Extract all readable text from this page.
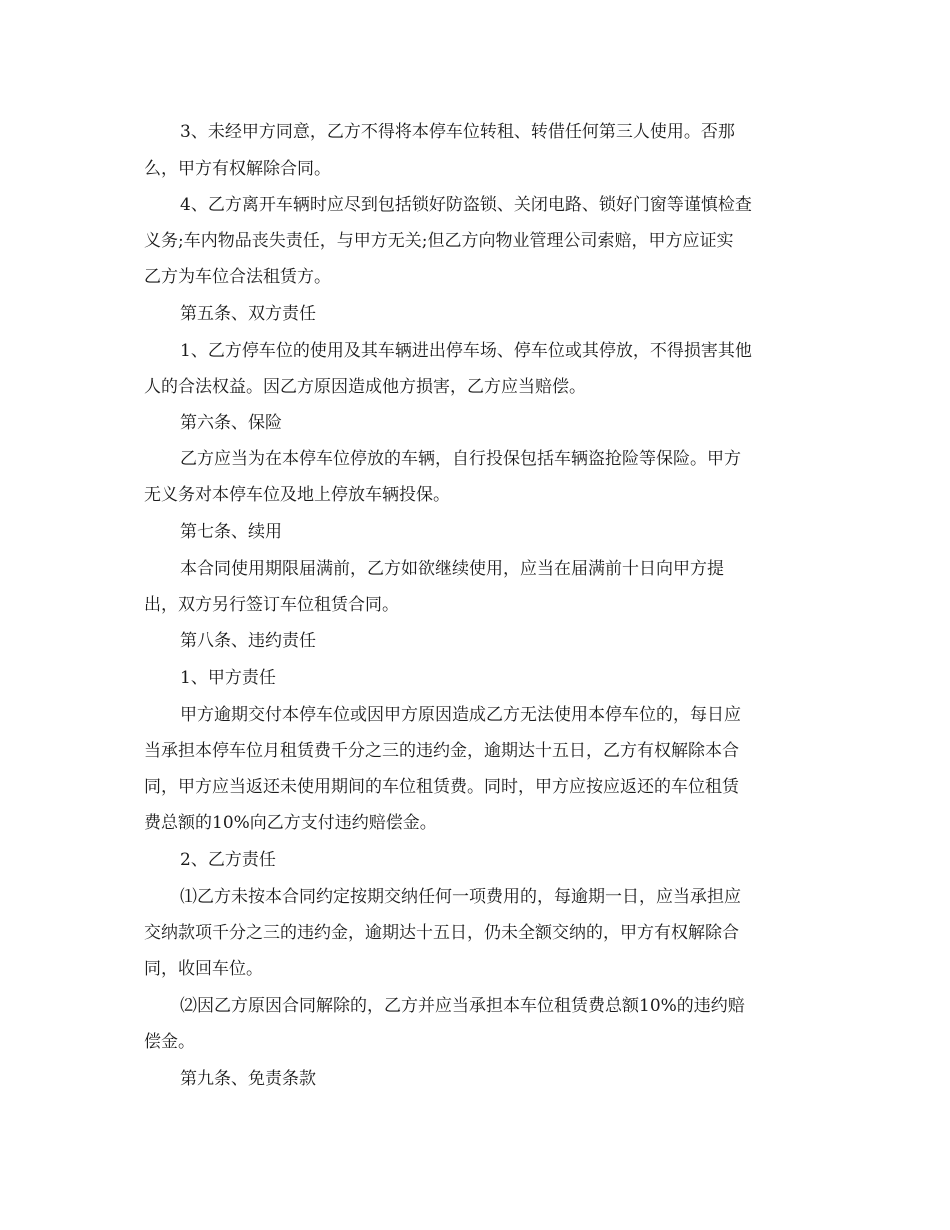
3、未经甲方同意，乙方不得将本停车位转租、转借任何第三人使用。否那

么，甲方有权解除合同。

4、乙方离开车辆时应尽到包括锁好防盗锁、关闭电路、锁好门窗等谨慎检查

义务;车内物品丧失责任，与甲方无关;但乙方向物业管理公司索赔，甲方应证实

乙方为车位合法租赁方。

第五条、双方责任

1、乙方停车位的使用及其车辆进出停车场、停车位或其停放，不得损害其他

人的合法权益。因乙方原因造成他方损害，乙方应当赔偿。

第六条、保险

乙方应当为在本停车位停放的车辆，自行投保包括车辆盗抢险等保险。甲方

无义务对本停车位及地上停放车辆投保。

第七条、续用

本合同使用期限届满前，乙方如欲继续使用，应当在届满前十日向甲方提

出，双方另行签订车位租赁合同。

第八条、违约责任

1、甲方责任

甲方逾期交付本停车位或因甲方原因造成乙方无法使用本停车位的，每日应

当承担本停车位月租赁费千分之三的违约金，逾期达十五日，乙方有权解除本合

同，甲方应当返还未使用期间的车位租赁费。同时，甲方应按应返还的车位租赁

费总额的10%向乙方支付违约赔偿金。

2、乙方责任

⑴乙方未按本合同约定按期交纳任何一项费用的，每逾期一日，应当承担应

交纳款项千分之三的违约金，逾期达十五日，仍未全额交纳的，甲方有权解除合

同，收回车位。

⑵因乙方原因合同解除的，乙方并应当承担本车位租赁费总额10%的违约赔

偿金。

第九条、免责条款
